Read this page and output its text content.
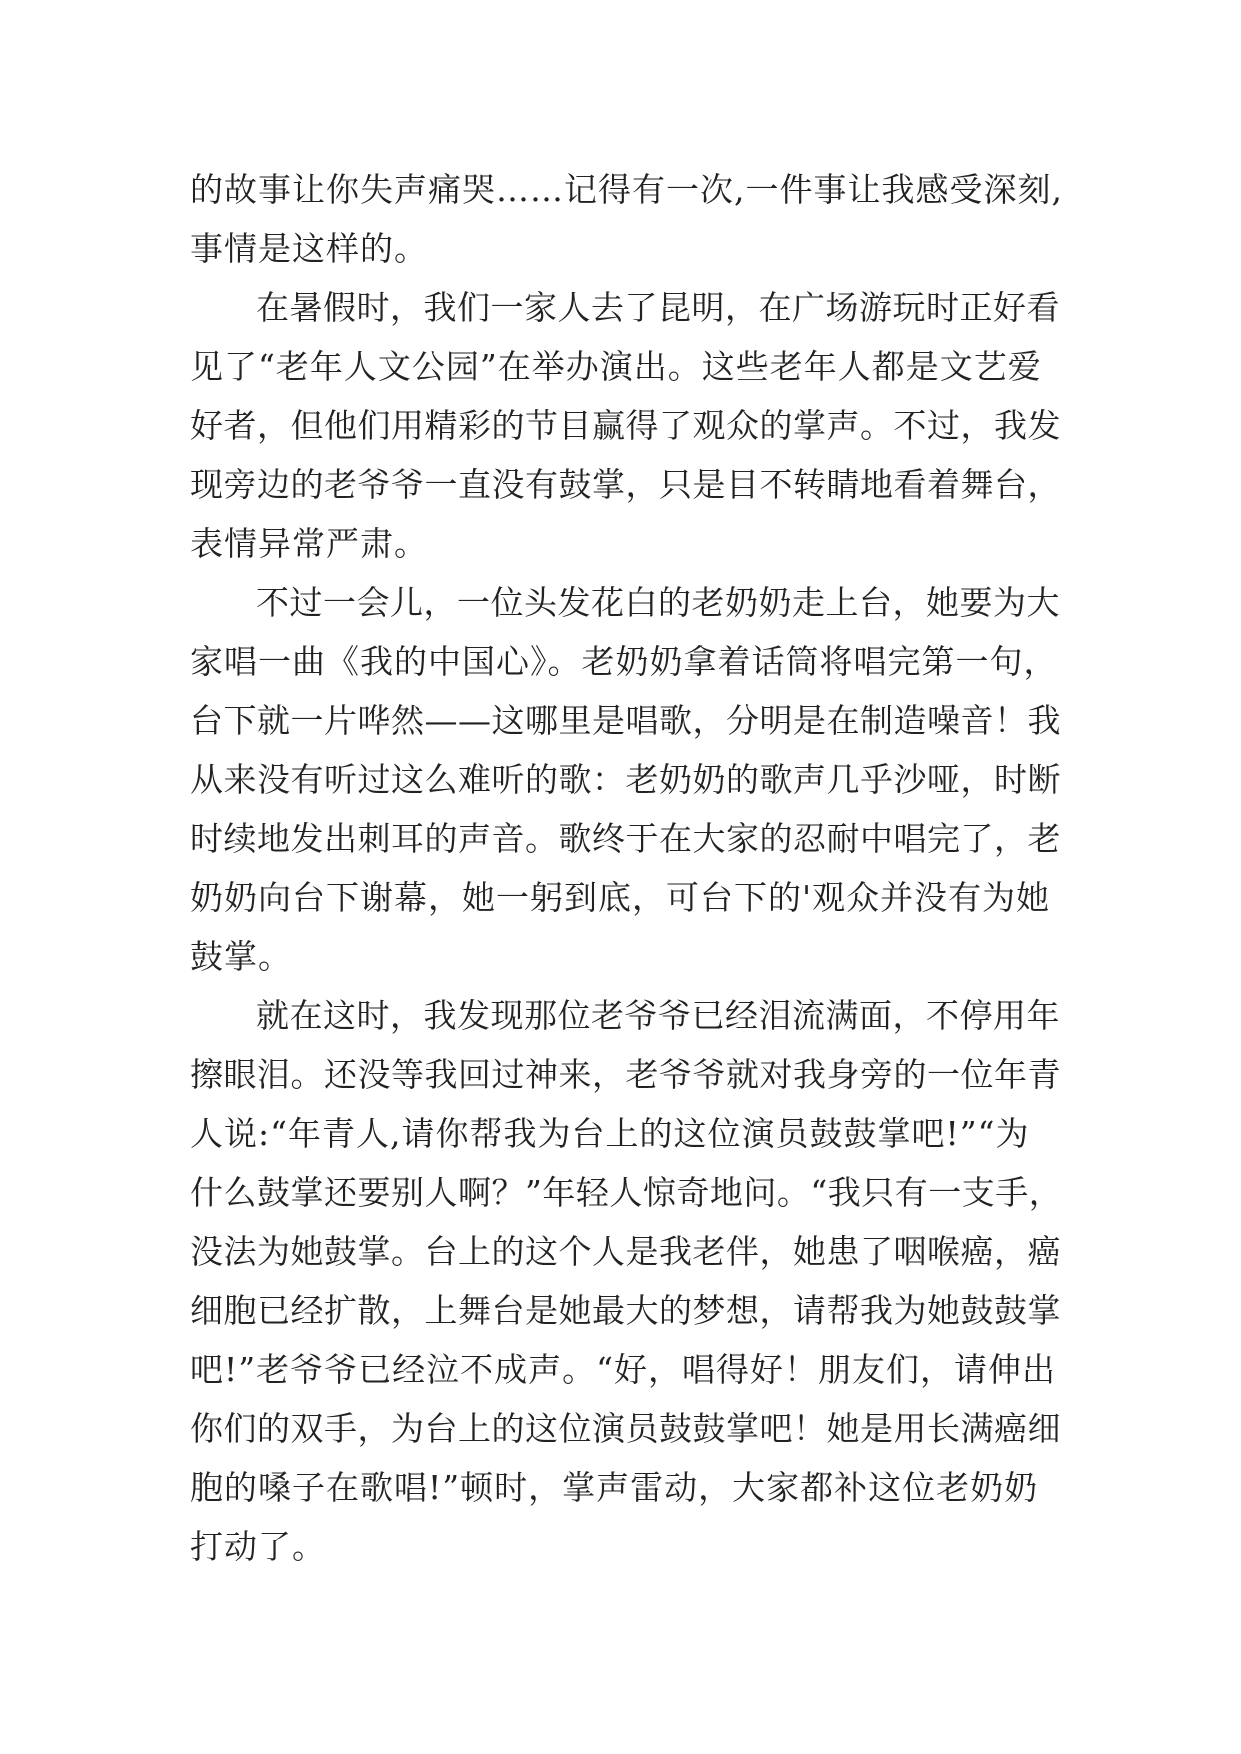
的故事让你失声痛哭……记得有一次,一件事让我感受深刻,
事情是这样的。
在暑假时，我们一家人去了昆明，在广场游玩时正好看
见了“老年人文公园”在举办演出。这些老年人都是文艺爱
好者，但他们用精彩的节目赢得了观众的掌声。不过，我发
现旁边的老爷爷一直没有鼓掌，只是目不转睛地看着舞台，
表情异常严肃。
不过一会儿，一位头发花白的老奶奶走上台，她要为大
家唱一曲《我的中国心》。老奶奶拿着话筒将唱完第一句，
台下就一片哗然——这哪里是唱歌，分明是在制造噪音！我
从来没有听过这么难听的歌：老奶奶的歌声几乎沙哑，时断
时续地发出刺耳的声音。歌终于在大家的忍耐中唱完了，老
奶奶向台下谢幕，她一躬到底，可台下的'观众并没有为她
鼓掌。
就在这时，我发现那位老爷爷已经泪流满面，不停用年
擦眼泪。还没等我回过神来，老爷爷就对我身旁的一位年青
人说:“年青人,请你帮我为台上的这位演员鼓鼓掌吧!”“为
什么鼓掌还要别人啊？”年轻人惊奇地问。“我只有一支手，
没法为她鼓掌。台上的这个人是我老伴，她患了咽喉癌，癌
细胞已经扩散，上舞台是她最大的梦想，请帮我为她鼓鼓掌
吧!”老爷爷已经泣不成声。“好，唱得好！朋友们，请伸出
你们的双手，为台上的这位演员鼓鼓掌吧！她是用长满癌细
胞的嗓子在歌唱!”顿时，掌声雷动，大家都补这位老奶奶
打动了。
